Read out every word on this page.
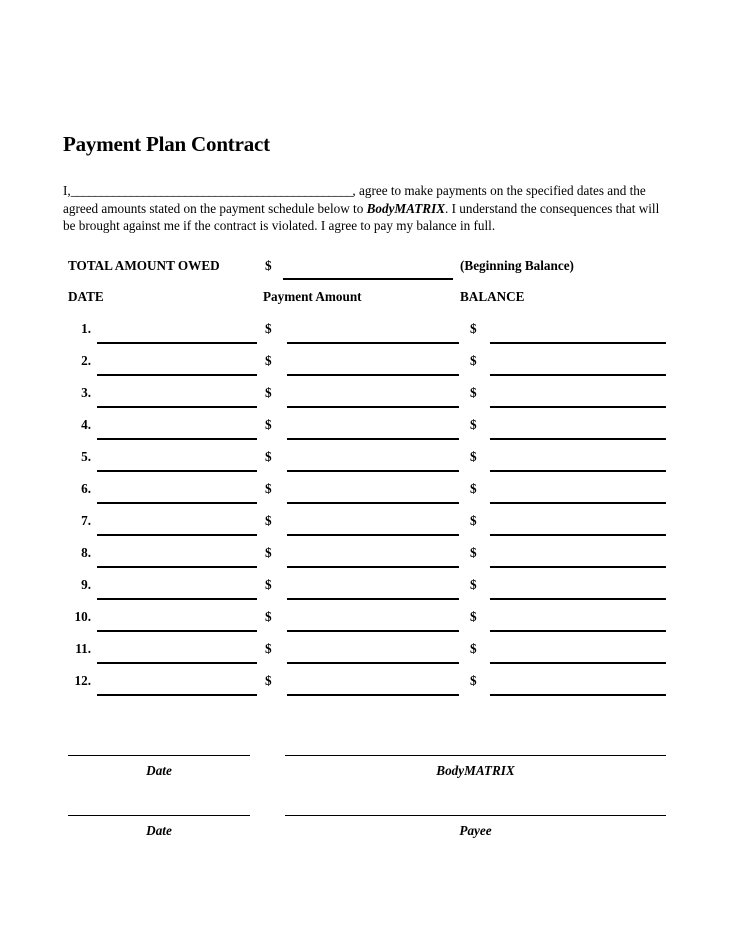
Payment Plan Contract

I,_______________________________________________, agree to make payments on the specified dates and the agreed amounts stated on the payment schedule below to BodyMATRIX. I understand the consequences that will be brought against me if the contract is violated. I agree to pay my balance in full.

TOTAL AMOUNT OWED	$	(Beginning Balance)
DATE	Payment Amount	BALANCE
1.	$	$
2.	$	$
3.	$	$
4.	$	$
5.	$	$
6.	$	$
7.	$	$
8.	$	$
9.	$	$
10.	$	$
11.	$	$
12.	$	$
Date	BodyMATRIX
Date	Payee
